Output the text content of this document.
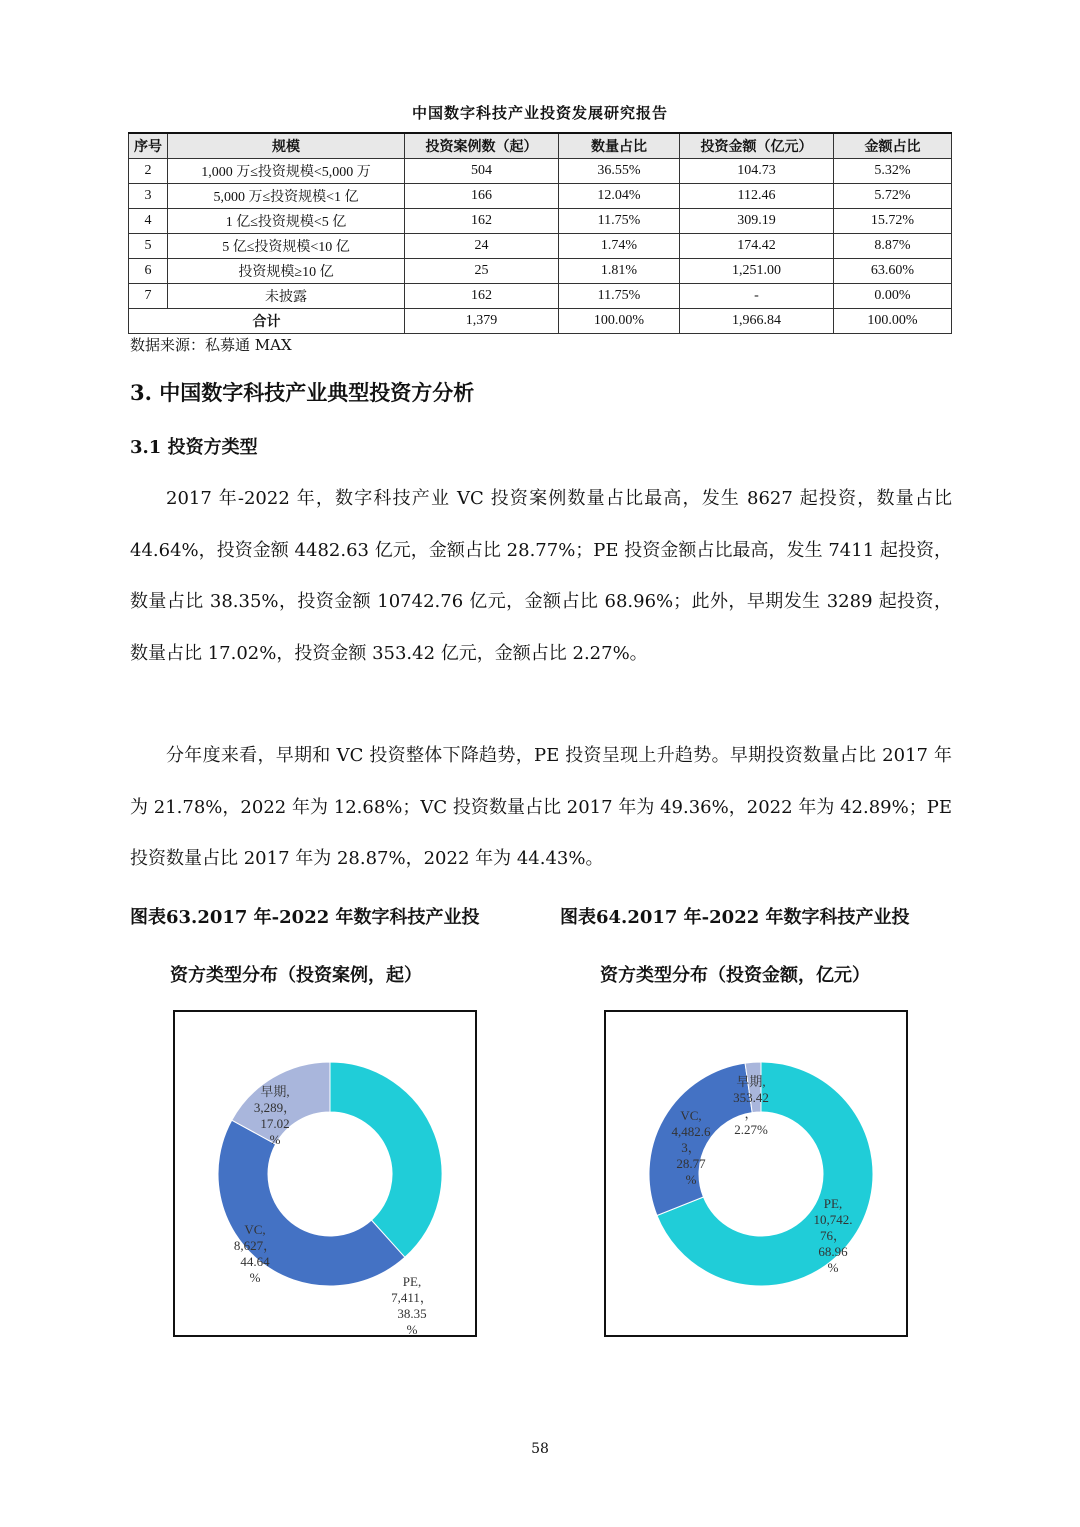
中国数字科技产业投资发展研究报告
序号	规模	投资案例数（起）	数量占比	投资金额（亿元）	金额占比
2	1,000 万≤投资规模<5,000 万	504	36.55%	104.73	5.32%
3	5,000 万≤投资规模<1 亿	166	12.04%	112.46	5.72%
4	1 亿≤投资规模<5 亿	162	11.75%	309.19	15.72%
5	5 亿≤投资规模<10 亿	24	1.74%	174.42	8.87%
6	投资规模≥10 亿	25	1.81%	1,251.00	63.60%
7	未披露	162	11.75%	-	0.00%
合计		1,379	100.00%	1,966.84	100.00%
数据来源：私募通 MAX
3. 中国数字科技产业典型投资方分析
3.1 投资方类型

2017 年-2022 年，数字科技产业 VC 投资案例数量占比最高，发生 8627 起投资，数量占比 44.64%，投资金额 4482.63 亿元，金额占比 28.77%；PE 投资金额占比最高，发生 7411 起投资，数量占比 38.35%，投资金额 10742.76 亿元，金额占比 68.96%；此外，早期发生 3289 起投资，数量占比 17.02%，投资金额 353.42 亿元，金额占比 2.27%。

分年度来看，早期和 VC 投资整体下降趋势，PE 投资呈现上升趋势。早期投资数量占比 2017 年为 21.78%，2022 年为 12.68%；VC 投资数量占比 2017 年为 49.36%，2022 年为 42.89%；PE 投资数量占比 2017 年为 28.87%，2022 年为 44.43%。

图表63.2017 年-2022 年数字科技产业投
资方类型分布（投资案例，起）
图表64.2017 年-2022 年数字科技产业投
资方类型分布（投资金额，亿元）
PE, 7,411， 38.35 %
VC, 8,627， 44.64 %
早期, 3,289， 17.02 %
PE, 10,742. 76， 68.96 %
VC, 4,482.6 3， 28.77 %
早期, 353.42 ， 2.27%
58
